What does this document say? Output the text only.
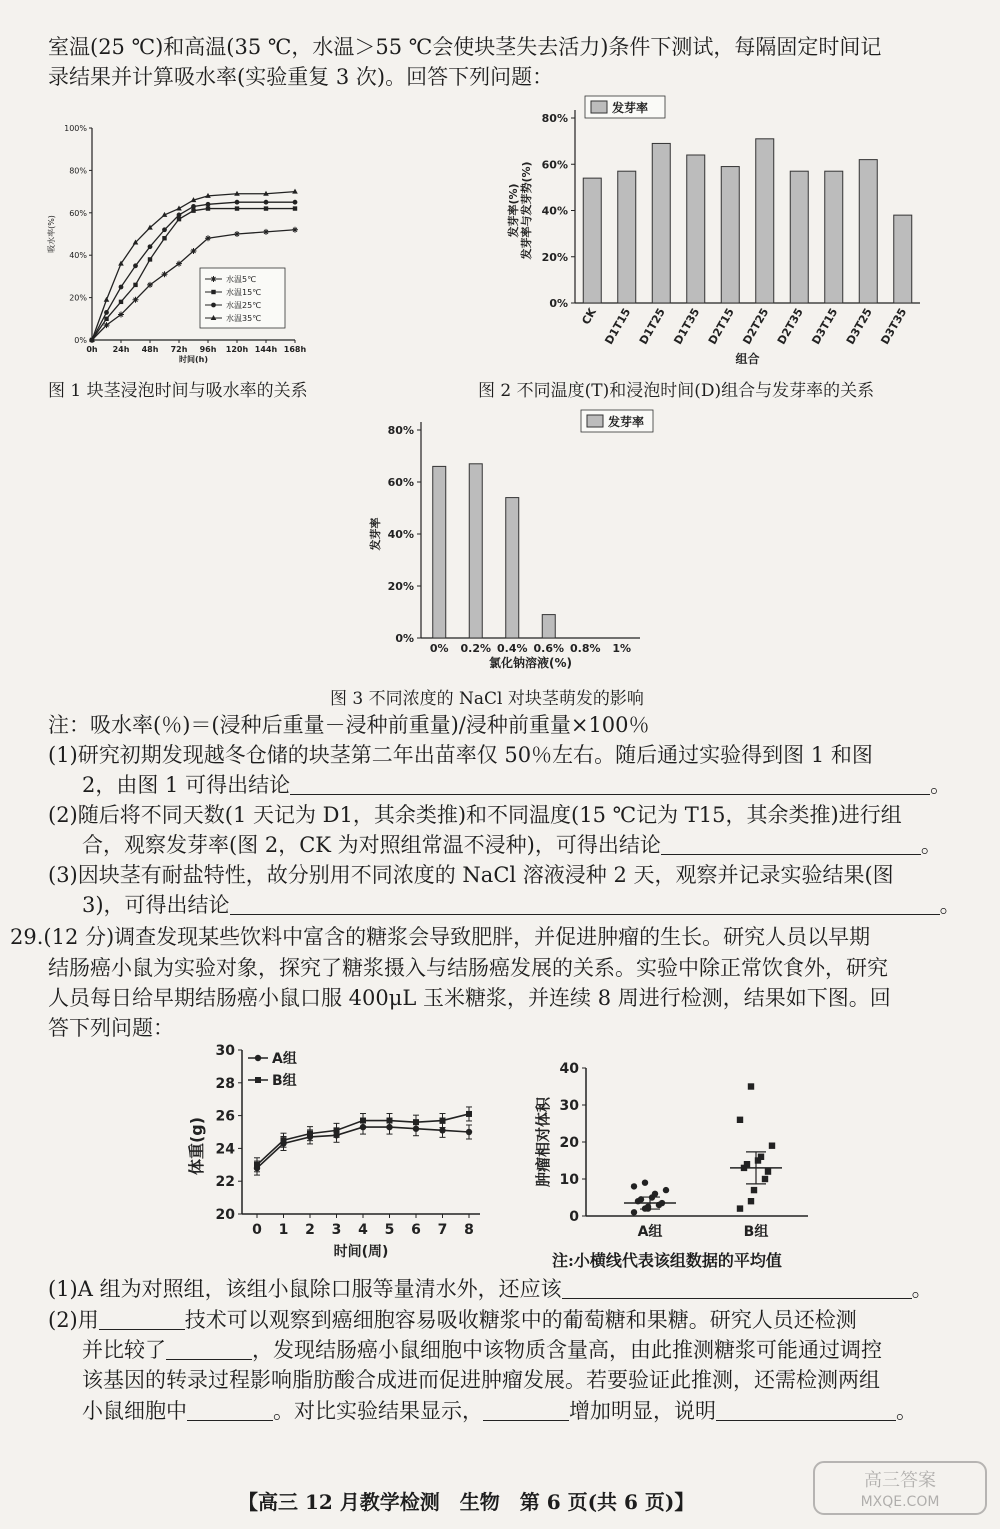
室温(25 ℃)和高温(35 ℃，水温＞55 ℃会使块茎失去活力)条件下测试，每隔固定时间记
录结果并计算吸水率(实验重复 3 次)。回答下列问题：
0%
20%
40%
60%
80%
100%
0h 24h 48h 72h 96h 120h 144h 168h
时间(h)
吸水率(%)
水温5℃
水温15℃
水温25℃
水温35℃
图 1 块茎浸泡时间与吸水率的关系
0%
20%
40%
60%
80%
CK D1T15 D1T25 D1T35 D2T15 D2T25 D2T35 D3T15 D3T25 D3T35
发芽率
组合
发芽率(%) 发芽率与发芽势(%)
图 2 不同温度(T)和浸泡时间(D)组合与发芽率的关系
0%
20%
40%
60%
80%
0% 0.2% 0.4% 0.6% 0.8% 1%
发芽率
氯化钠溶液(%)
发芽率
图 3 不同浓度的 NaCl 对块茎萌发的影响
注：吸水率(％)＝(浸种后重量－浸种前重量)/浸种前重量×100％
(1)研究初期发现越冬仓储的块茎第二年出苗率仅 50％左右。随后通过实验得到图 1 和图
2，由图 1 可得出结论	。
(2)随后将不同天数(1 天记为 D1，其余类推)和不同温度(15 ℃记为 T15，其余类推)进行组
合，观察发芽率(图 2，CK 为对照组常温不浸种)，可得出结论	。
(3)因块茎有耐盐特性，故分别用不同浓度的 NaCl 溶液浸种 2 天，观察并记录实验结果(图
3)，可得出结论	。
29.(12 分)调查发现某些饮料中富含的糖浆会导致肥胖，并促进肿瘤的生长。研究人员以早期
结肠癌小鼠为实验对象，探究了糖浆摄入与结肠癌发展的关系。实验中除正常饮食外，研究
人员每日给早期结肠癌小鼠口服 400μL 玉米糖浆，并连续 8 周进行检测，结果如下图。回
答下列问题：
20
22
24
26
28
30
0 1 2 3 4 5 6 7 8
时间(周)
体重(g)
A组
B组
0
10
20
30
40
肿瘤相对体积
A组	B组
注:小横线代表该组数据的平均值
(1)A 组为对照组，该组小鼠除口服等量清水外，还应该	。
(2)用	技术可以观察到癌细胞容易吸收糖浆中的葡萄糖和果糖。研究人员还检测
并比较了	，发现结肠癌小鼠细胞中该物质含量高，由此推测糖浆可能通过调控
该基因的转录过程影响脂肪酸合成进而促进肿瘤发展。若要验证此推测，还需检测两组
小鼠细胞中	。对比实验结果显示，	增加明显，说明	。
【高三 12 月教学检测　生物　第 6 页(共 6 页)】
高三答案
MXQE.COM
